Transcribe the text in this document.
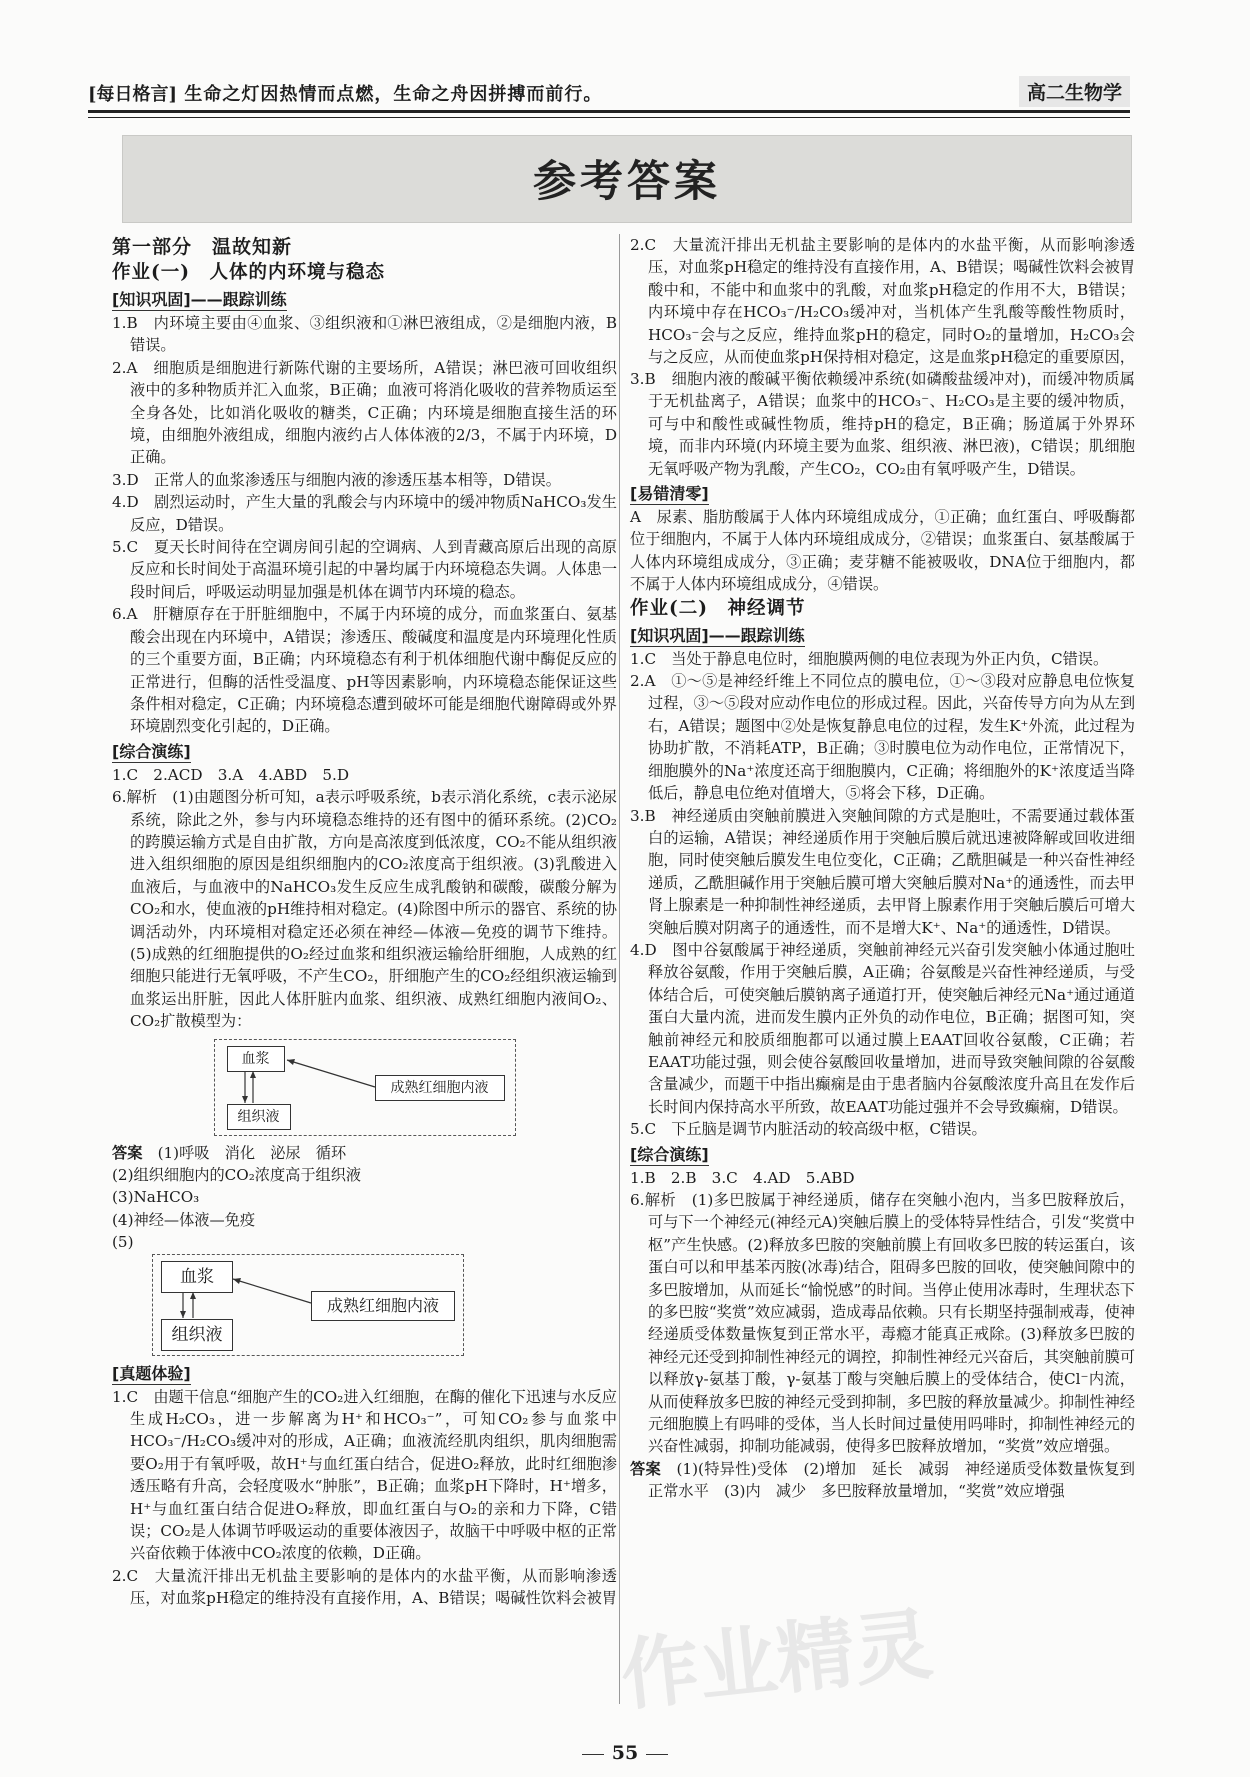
[每日格言] 生命之灯因热情而点燃，生命之舟因拼搏而前行。	高二生物学
参考答案

第一部分　温故知新

作业(一)　人体的内环境与稳态

[知识巩固]——跟踪训练

1.B　内环境主要由④血浆、③组织液和①淋巴液组成，②是细胞内液，B错误。

2.A　细胞质是细胞进行新陈代谢的主要场所，A错误；淋巴液可回收组织液中的多种物质并汇入血浆，B正确；血液可将消化吸收的营养物质运至全身各处，比如消化吸收的糖类，C正确；内环境是细胞直接生活的环境，由细胞外液组成，细胞内液约占人体体液的2/3，不属于内环境，D正确。

3.D　正常人的血浆渗透压与细胞内液的渗透压基本相等，D错误。

4.D　剧烈运动时，产生大量的乳酸会与内环境中的缓冲物质NaHCO₃发生反应，D错误。

5.C　夏天长时间待在空调房间引起的空调病、人到青藏高原后出现的高原反应和长时间处于高温环境引起的中暑均属于内环境稳态失调。人体患一段时间后，呼吸运动明显加强是机体在调节内环境的稳态。

6.A　肝糖原存在于肝脏细胞中，不属于内环境的成分，而血浆蛋白、氨基酸会出现在内环境中，A错误；渗透压、酸碱度和温度是内环境理化性质的三个重要方面，B正确；内环境稳态有利于机体细胞代谢中酶促反应的正常进行，但酶的活性受温度、pH等因素影响，内环境稳态能保证这些条件相对稳定，C正确；内环境稳态遭到破坏可能是细胞代谢障碍或外界环境剧烈变化引起的，D正确。

[综合演练]

1.C　2.ACD　3.A　4.ABD　5.D

6.解析　(1)由题图分析可知，a表示呼吸系统，b表示消化系统，c表示泌尿系统，除此之外，参与内环境稳态维持的还有图中的循环系统。(2)CO₂的跨膜运输方式是自由扩散，方向是高浓度到低浓度，CO₂不能从组织液进入组织细胞的原因是组织细胞内的CO₂浓度高于组织液。(3)乳酸进入血液后，与血液中的NaHCO₃发生反应生成乳酸钠和碳酸，碳酸分解为CO₂和水，使血液的pH维持相对稳定。(4)除图中所示的器官、系统的协调活动外，内环境相对稳定还必须在神经—体液—免疫的调节下维持。(5)成熟的红细胞提供的O₂经过血浆和组织液运输给肝细胞，人成熟的红细胞只能进行无氧呼吸，不产生CO₂，肝细胞产生的CO₂经组织液运输到血浆运出肝脏，因此人体肝脏内血浆、组织液、成熟红细胞内液间O₂、CO₂扩散模型为：

血浆
组织液
成熟红细胞内液

答案　 (1)呼吸　消化　泌尿　循环

(2)组织细胞内的CO₂浓度高于组织液

(3)NaHCO₃

(4)神经—体液—免疫

(5)

血浆
组织液
成熟红细胞内液
[真题体验]

1.C　由题干信息“细胞产生的CO₂进入红细胞，在酶的催化下迅速与水反应生成H₂CO₃，进一步解离为H⁺和HCO₃⁻”，可知CO₂参与血浆中HCO₃⁻/H₂CO₃缓冲对的形成，A正确；血液流经肌肉组织，肌肉细胞需要O₂用于有氧呼吸，故H⁺与血红蛋白结合，促进O₂释放，此时红细胞渗透压略有升高，会轻度吸水“肿胀”，B正确；血浆pH下降时，H⁺增多，H⁺与血红蛋白结合促进O₂释放，即血红蛋白与O₂的亲和力下降，C错误；CO₂是人体调节呼吸运动的重要体液因子，故脑干中呼吸中枢的正常兴奋依赖于体液中CO₂浓度的依赖，D正确。

2.C　大量流汗排出无机盐主要影响的是体内的水盐平衡，从而影响渗透压，对血浆pH稳定的维持没有直接作用，A、B错误；喝碱性饮料会被胃

2.C　大量流汗排出无机盐主要影响的是体内的水盐平衡，从而影响渗透压，对血浆pH稳定的维持没有直接作用，A、B错误；喝碱性饮料会被胃酸中和，不能中和血浆中的乳酸，对血浆pH稳定的作用不大，B错误；内环境中存在HCO₃⁻/H₂CO₃缓冲对，当机体产生乳酸等酸性物质时，HCO₃⁻会与之反应，维持血浆pH的稳定，同时O₂的量增加，H₂CO₃会与之反应，从而使血浆pH保持相对稳定，这是血浆pH稳定的重要原因，

3.B　细胞内液的酸碱平衡依赖缓冲系统(如磷酸盐缓冲对)，而缓冲物质属于无机盐离子，A错误；血浆中的HCO₃⁻、H₂CO₃是主要的缓冲物质，可与中和酸性或碱性物质，维持pH的稳定，B正确；肠道属于外界环境，而非内环境(内环境主要为血浆、组织液、淋巴液)，C错误；肌细胞无氧呼吸产物为乳酸，产生CO₂，CO₂由有氧呼吸产生，D错误。

[易错清零]

A　尿素、脂肪酸属于人体内环境组成成分，①正确；血红蛋白、呼吸酶都位于细胞内，不属于人体内环境组成成分，②错误；血浆蛋白、氨基酸属于人体内环境组成成分，③正确；麦芽糖不能被吸收，DNA位于细胞内，都不属于人体内环境组成成分，④错误。

作业(二)　神经调节

[知识巩固]——跟踪训练

1.C　当处于静息电位时，细胞膜两侧的电位表现为外正内负，C错误。

2.A　①～⑤是神经纤维上不同位点的膜电位，①～③段对应静息电位恢复过程，③～⑤段对应动作电位的形成过程。因此，兴奋传导方向为从左到右，A错误；题图中②处是恢复静息电位的过程，发生K⁺外流，此过程为协助扩散，不消耗ATP，B正确；③时膜电位为动作电位，正常情况下，细胞膜外的Na⁺浓度还高于细胞膜内，C正确；将细胞外的K⁺浓度适当降低后，静息电位绝对值增大，⑤将会下移，D正确。

3.B　神经递质由突触前膜进入突触间隙的方式是胞吐，不需要通过载体蛋白的运输，A错误；神经递质作用于突触后膜后就迅速被降解或回收进细胞，同时使突触后膜发生电位变化，C正确；乙酰胆碱是一种兴奋性神经递质，乙酰胆碱作用于突触后膜可增大突触后膜对Na⁺的通透性，而去甲肾上腺素是一种抑制性神经递质，去甲肾上腺素作用于突触后膜后可增大突触后膜对阴离子的通透性，而不是增大K⁺、Na⁺的通透性，D错误。

4.D　图中谷氨酸属于神经递质，突触前神经元兴奋引发突触小体通过胞吐释放谷氨酸，作用于突触后膜，A正确；谷氨酸是兴奋性神经递质，与受体结合后，可使突触后膜钠离子通道打开，使突触后神经元Na⁺通过通道蛋白大量内流，进而发生膜内正外负的动作电位，B正确；据图可知，突触前神经元和胶质细胞都可以通过膜上EAAT回收谷氨酸，C正确；若EAAT功能过强，则会使谷氨酸回收量增加，进而导致突触间隙的谷氨酸含量减少，而题干中指出癫痫是由于患者脑内谷氨酸浓度升高且在发作后长时间内保持高水平所致，故EAAT功能过强并不会导致癫痫，D错误。

5.C　下丘脑是调节内脏活动的较高级中枢，C错误。

[综合演练]

1.B　2.B　3.C　4.AD　5.ABD

6.解析　(1)多巴胺属于神经递质，储存在突触小泡内，当多巴胺释放后，可与下一个神经元(神经元A)突触后膜上的受体特异性结合，引发“奖赏中枢”产生快感。(2)释放多巴胺的突触前膜上有回收多巴胺的转运蛋白，该蛋白可以和甲基苯丙胺(冰毒)结合，阻碍多巴胺的回收，使突触间隙中的多巴胺增加，从而延长“愉悦感”的时间。当停止使用冰毒时，生理状态下的多巴胺“奖赏”效应减弱，造成毒品依赖。只有长期坚持强制戒毒，使神经递质受体数量恢复到正常水平，毒瘾才能真正戒除。(3)释放多巴胺的神经元还受到抑制性神经元的调控，抑制性神经元兴奋后，其突触前膜可以释放γ-氨基丁酸，γ-氨基丁酸与突触后膜上的受体结合，使Cl⁻内流，从而使释放多巴胺的神经元受到抑制，多巴胺的释放量减少。抑制性神经元细胞膜上有吗啡的受体，当人长时间过量使用吗啡时，抑制性神经元的兴奋性减弱，抑制功能减弱，使得多巴胺释放增加，“奖赏”效应增强。

答案　 (1)(特异性)受体　(2)增加　延长　减弱　神经递质受体数量恢复到正常水平　(3)内　减少　多巴胺释放量增加，“奖赏”效应增强

55
作业精灵
